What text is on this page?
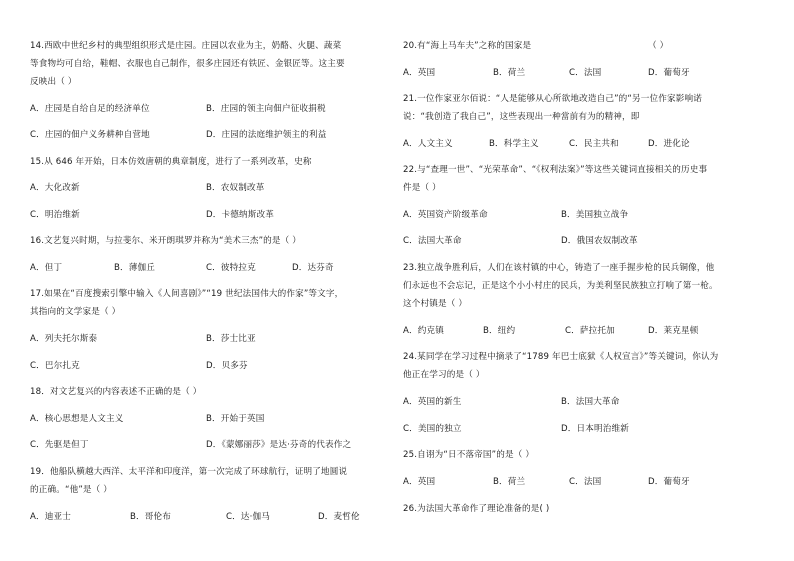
14.西欧中世纪乡村的典型组织形式是庄园。庄园以农业为主，奶酪、火腿、蔬菜
等食物均可自给，鞋帽、衣服也自己制作，很多庄园还有铁匠、金银匠等。这主要
反映出（ ）
A．庄园是自给自足的经济单位	B．庄园的领主向佃户征收捐税
C．庄园的佃户义务耕种自营地	D．庄园的法庭维护领主的利益
15.从 646 年开始，日本仿效唐朝的典章制度，进行了一系列改革，史称
A．大化改新	B．农奴制改革
C．明治维新	D．卡德纳斯改革
16.文艺复兴时期，与拉斐尔、米开朗琪罗并称为“美术三杰”的是（ ）
A．但丁	B．薄伽丘	C．彼特拉克	D．达芬奇
17.如果在“百度搜索引擎中输入《人间喜剧》”“19 世纪法国伟大的作家”等文字，
其指向的文学家是（ ）
A．列夫托尔斯泰	B．莎士比亚
C．巴尔扎克	D．贝多芬
18．对文艺复兴的内容表述不正确的是（ ）
A．核心思想是人文主义	B．开始于英国
C．先驱是但丁	D．《蒙娜丽莎》是达·芬奇的代表作之
19．他船队横越大西洋、太平洋和印度洋，第一次完成了环球航行，证明了地圆说
的正确。“他”是（ ）
A．迪亚士	B．哥伦布	C．达·伽马	D．麦哲伦
20.有“海上马车夫”之称的国家是	（ ）
A．英国	B．荷兰	C．法国	D．葡萄牙
21.一位作家亚尔佰说：“人是能够从心所欲地改造自己”的“另一位作家影响诺
说：“我创造了我自己”，这些表现出一种當前有为的精神，即
A．人文主义	B．科学主义	C．民主共和	D．进化论
22.与“查理一世”、“光荣革命”、“《权利法案》”等这些关键词直接相关的历史事
件是（ ）
A．英国资产阶级革命	B．美国独立战争
C．法国大革命	D．俄国农奴制改革
23.独立战争胜利后，人们在该村镇的中心，铸造了一座手握步枪的民兵铜像，他
们永远也不会忘记，正是这个小小村庄的民兵，为美利坚民族独立打响了第一枪。
这个村镇是（ ）
A．约克镇	B．纽约	C．萨拉托加	D．莱克星顿
24.某同学在学习过程中摘录了“1789 年巴士底狱《人权宣言》”等关键词，你认为
他正在学习的是（ ）
A．英国的新生	B．法国大革命
C．美国的独立	D．日本明治维新
25.自诩为“日不落帝国”的是（ ）
A．英国	B．荷兰	C．法国	D．葡萄牙
26.为法国大革命作了理论准备的是( )
